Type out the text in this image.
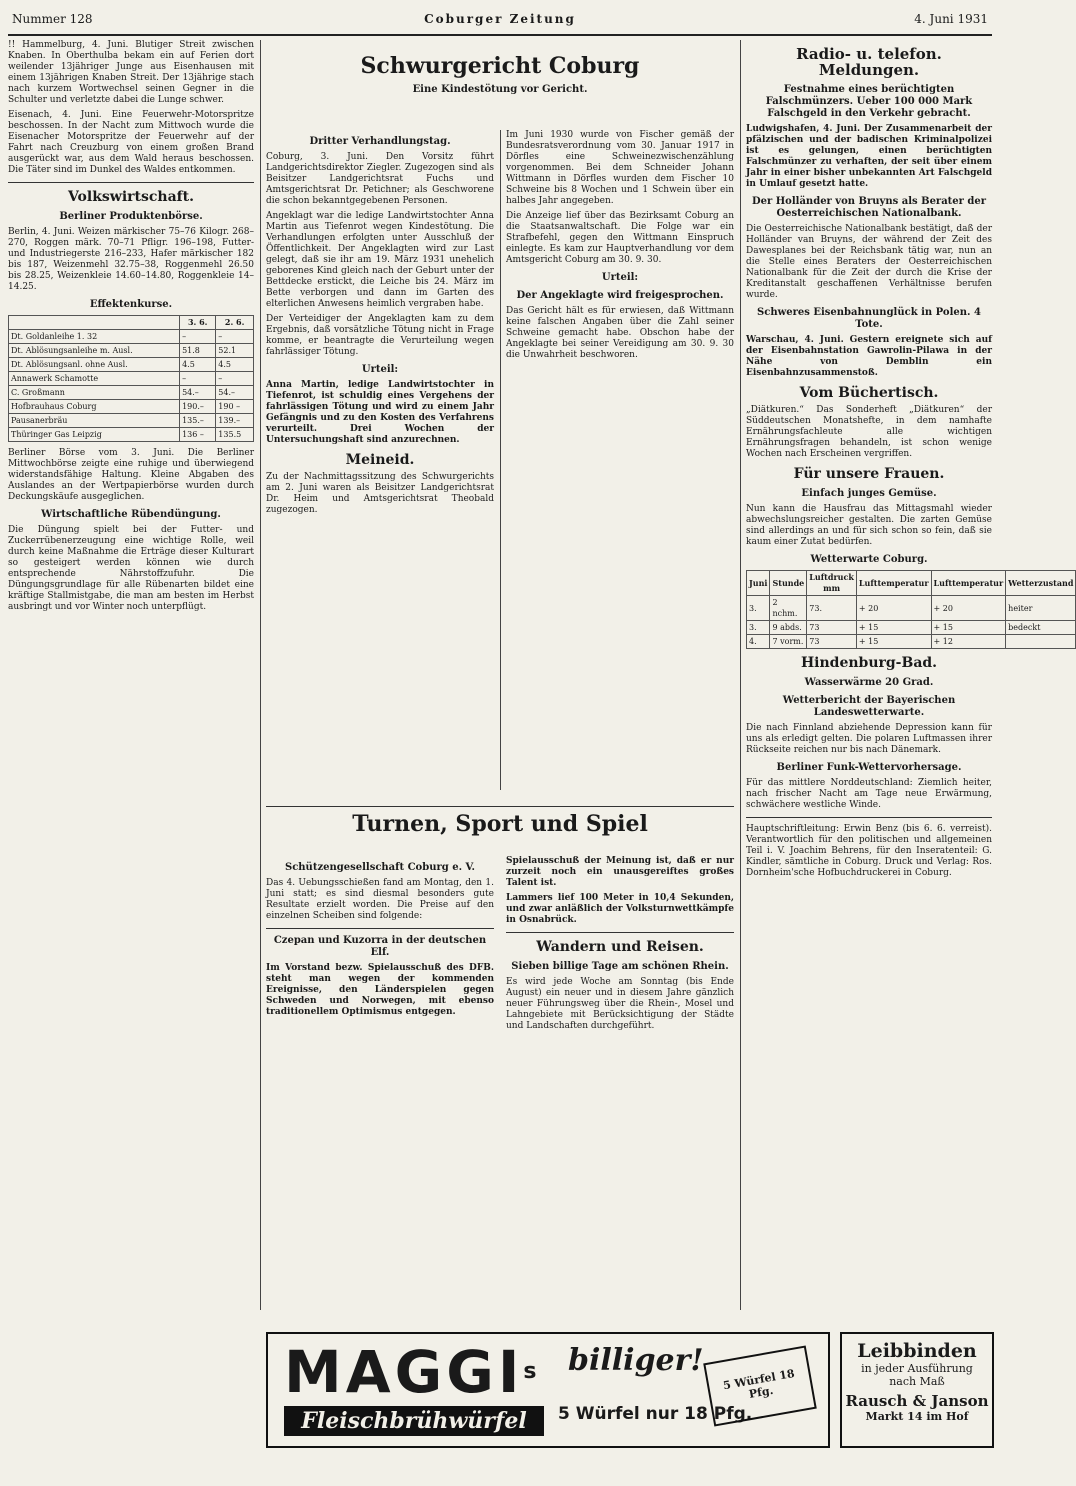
Nummer 128	Coburger Zeitung	4. Juni 1931

!! Hammelburg, 4. Juni. Blutiger Streit zwischen Knaben. In Oberthulba bekam ein auf Ferien dort weilender 13jähriger Junge aus Eisenhausen mit einem 13jährigen Knaben Streit. Der 13jährige stach nach kurzem Wortwechsel seinen Gegner in die Schulter und verletzte dabei die Lunge schwer.

Eisenach, 4. Juni. Eine Feuerwehr-Motorspritze beschossen. In der Nacht zum Mittwoch wurde die Eisenacher Motorspritze der Feuerwehr auf der Fahrt nach Creuzburg von einem großen Brand ausgerückt war, aus dem Wald heraus beschossen. Die Täter sind im Dunkel des Waldes entkommen.

Volkswirtschaft.
Berliner Produktenbörse.

Berlin, 4. Juni. Weizen märkischer 75–76 Kilogr. 268–270, Roggen märk. 70–71 Pfligr. 196–198, Futter- und Industriegerste 216–233, Hafer märkischer 182 bis 187, Weizenmehl 32.75–38, Roggenmehl 26.50 bis 28.25, Weizenkleie 14.60–14.80, Roggenkleie 14–14.25.

Effektenkurse.
	3. 6.	2. 6.
Dt. Goldanleihe 1. 32	–	–
Dt. Ablösungsanleihe m. Ausl.	51.8	52.1
Dt. Ablösungsanl. ohne Ausl.	4.5	4.5
Annawerk Schamotte	–	–
C. Großmann	54.–	54.–
Hofbrauhaus Coburg	190.–	190 –
Pausanerbräu	135.–	139.–
Thüringer Gas Leipzig	136 –	135.5

Berliner Börse vom 3. Juni. Die Berliner Mittwochbörse zeigte eine ruhige und überwiegend widerstandsfähige Haltung. Kleine Abgaben des Auslandes an der Wertpapierbörse wurden durch Deckungskäufe ausgeglichen.

Wirtschaftliche Rübendüngung.

Die Düngung spielt bei der Futter- und Zuckerrübenerzeugung eine wichtige Rolle, weil durch keine Maßnahme die Erträge dieser Kulturart so gesteigert werden können wie durch entsprechende Nährstoffzufuhr. Die Düngungsgrundlage für alle Rübenarten bildet eine kräftige Stallmistgabe, die man am besten im Herbst ausbringt und vor Winter noch unterpflügt.

Schwurgericht Coburg
Eine Kindestötung vor Gericht.
Dritter Verhandlungstag.

Coburg, 3. Juni. Den Vorsitz führt Landgerichtsdirektor Ziegler. Zugezogen sind als Beisitzer Landgerichtsrat Fuchs und Amtsgerichtsrat Dr. Petichner; als Geschworene die schon bekanntgegebenen Personen.

Angeklagt war die ledige Landwirtstochter Anna Martin aus Tiefenrot wegen Kindestötung. Die Verhandlungen erfolgten unter Ausschluß der Öffentlichkeit. Der Angeklagten wird zur Last gelegt, daß sie ihr am 19. März 1931 unehelich geborenes Kind gleich nach der Geburt unter der Bettdecke erstickt, die Leiche bis 24. März im Bette verborgen und dann im Garten des elterlichen Anwesens heimlich vergraben habe.

Der Verteidiger der Angeklagten kam zu dem Ergebnis, daß vorsätzliche Tötung nicht in Frage komme, er beantragte die Verurteilung wegen fahrlässiger Tötung.

Urteil:

Anna Martin, ledige Landwirtstochter in Tiefenrot, ist schuldig eines Vergehens der fahrlässigen Tötung und wird zu einem Jahr Gefängnis und zu den Kosten des Verfahrens verurteilt. Drei Wochen der Untersuchungshaft sind anzurechnen.

Meineid.

Zu der Nachmittagssitzung des Schwurgerichts am 2. Juni waren als Beisitzer Landgerichtsrat Dr. Heim und Amtsgerichtsrat Theobald zugezogen.

Im Juni 1930 wurde von Fischer gemäß der Bundesratsverordnung vom 30. Januar 1917 in Dörfles eine Schweinezwischenzählung vorgenommen. Bei dem Schneider Johann Wittmann in Dörfles wurden dem Fischer 10 Schweine bis 8 Wochen und 1 Schwein über ein halbes Jahr angegeben.

Die Anzeige lief über das Bezirksamt Coburg an die Staatsanwaltschaft. Die Folge war ein Strafbefehl, gegen den Wittmann Einspruch einlegte. Es kam zur Hauptverhandlung vor dem Amtsgericht Coburg am 30. 9. 30.

Urteil:
Der Angeklagte wird freigesprochen.

Das Gericht hält es für erwiesen, daß Wittmann keine falschen Angaben über die Zahl seiner Schweine gemacht habe. Obschon habe der Angeklagte bei seiner Vereidigung am 30. 9. 30 die Unwahrheit beschworen.

Turnen, Sport und Spiel
Schützengesellschaft Coburg e. V.

Das 4. Uebungsschießen fand am Montag, den 1. Juni statt; es sind diesmal besonders gute Resultate erzielt worden. Die Preise auf den einzelnen Scheiben sind folgende:

Czepan und Kuzorra in der deutschen Elf.

Im Vorstand bezw. Spielausschuß des DFB. steht man wegen der kommenden Ereignisse, den Länderspielen gegen Schweden und Norwegen, mit ebenso traditionellem Optimismus entgegen.

Spielausschuß der Meinung ist, daß er nur zurzeit noch ein unausgereiftes großes Talent ist.

Lammers lief 100 Meter in 10,4 Sekunden, und zwar anläßlich der Volksturnwettkämpfe in Osnabrück.

Wandern und Reisen.
Sieben billige Tage am schönen Rhein.

Es wird jede Woche am Sonntag (bis Ende August) ein neuer und in diesem Jahre gänzlich neuer Führungsweg über die Rhein-, Mosel und Lahngebiete mit Berücksichtigung der Städte und Landschaften durchgeführt.

Radio- u. telefon. Meldungen.
Festnahme eines berüchtigten Falschmünzers. Ueber 100 000 Mark Falschgeld in den Verkehr gebracht.

Ludwigshafen, 4. Juni. Der Zusammenarbeit der pfälzischen und der badischen Kriminalpolizei ist es gelungen, einen berüchtigten Falschmünzer zu verhaften, der seit über einem Jahr in einer bisher unbekannten Art Falschgeld in Umlauf gesetzt hatte.

Der Holländer von Bruyns als Berater der Oesterreichischen Nationalbank.

Die Oesterreichische Nationalbank bestätigt, daß der Holländer van Bruyns, der während der Zeit des Dawesplanes bei der Reichsbank tätig war, nun an die Stelle eines Beraters der Oesterreichischen Nationalbank für die Zeit der durch die Krise der Kreditanstalt geschaffenen Verhältnisse berufen wurde.

Schweres Eisenbahnunglück in Polen. 4 Tote.

Warschau, 4. Juni. Gestern ereignete sich auf der Eisenbahnstation Gawrolin-Pilawa in der Nähe von Demblin ein Eisenbahnzusammenstoß.

Vom Büchertisch.

„Diätkuren.“ Das Sonderheft „Diätkuren“ der Süddeutschen Monatshefte, in dem namhafte Ernährungsfachleute alle wichtigen Ernährungsfragen behandeln, ist schon wenige Wochen nach Erscheinen vergriffen.

Für unsere Frauen.
Einfach junges Gemüse.

Nun kann die Hausfrau das Mittagsmahl wieder abwechslungsreicher gestalten. Die zarten Gemüse sind allerdings an und für sich schon so fein, daß sie kaum einer Zutat bedürfen.

Wetterwarte Coburg.
Juni	Stunde	Luftdruck mm	Lufttemperatur	Lufttemperatur	Wetterzustand
3.	2 nchm.	73.	+ 20	+ 20	heiter
3.	9 abds.	73	+ 15	+ 15	bedeckt
4.	7 vorm.	73	+ 15	+ 12	
Hindenburg-Bad.
Wasserwärme 20 Grad.
Wetterbericht der Bayerischen Landeswetterwarte.

Die nach Finnland abziehende Depression kann für uns als erledigt gelten. Die polaren Luftmassen ihrer Rückseite reichen nur bis nach Dänemark.

Berliner Funk-Wettervorhersage.

Für das mittlere Norddeutschland: Ziemlich heiter, nach frischer Nacht am Tage neue Erwärmung, schwächere westliche Winde.

Hauptschriftleitung: Erwin Benz (bis 6. 6. verreist). Verantwortlich für den politischen und allgemeinen Teil i. V. Joachim Behrens, für den Inseratenteil: G. Kindler, sämtliche in Coburg. Druck und Verlag: Ros. Dornheim'sche Hofbuchdruckerei in Coburg.

MAGGI$^s$
Fleischbrühwürfel
billiger!
5 Würfel nur 18 Pfg.
5 Würfel 18 Pfg.
Leibbinden
in jeder Ausführung
nach Maß
Rausch & Janson
Markt 14 im Hof
